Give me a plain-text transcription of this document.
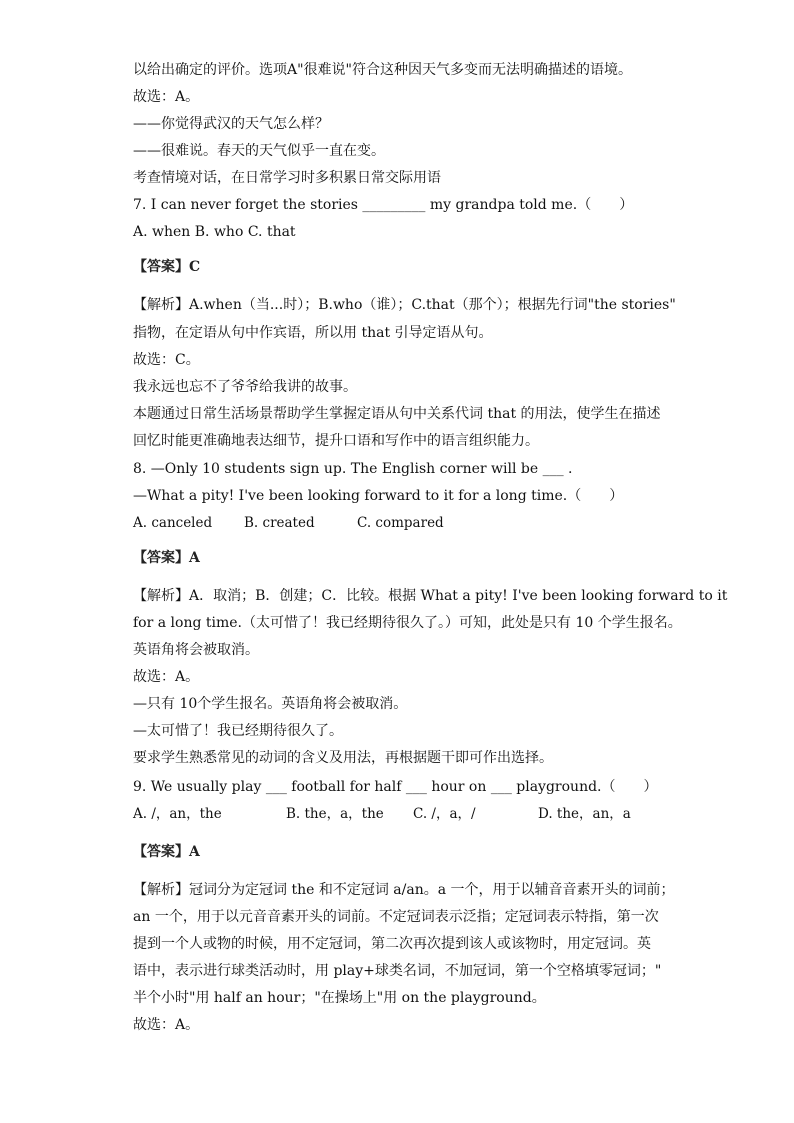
以给出确定的评价。选项A"很难说"符合这种因天气多变而无法明确描述的语境。
故选：A。
——你觉得武汉的天气怎么样？
——很难说。春天的天气似乎一直在变。
考查情境对话，在日常学习时多积累日常交际用语
7. I can never forget the stories _________ my grandpa told me.（　　）
A. when B. who C. that
【答案】C
【解析】A.when（当...时）；B.who（谁）；C.that（那个）；根据先行词"the stories"
指物，在定语从句中作宾语，所以用 that 引导定语从句。
故选：C。
我永远也忘不了爷爷给我讲的故事。
本题通过日常生活场景帮助学生掌握定语从句中关系代词 that 的用法，使学生在描述
回忆时能更准确地表达细节，提升口语和写作中的语言组织能力。
8. —Only 10 students sign up. The English corner will be ___ .
—What a pity! I've been looking forward to it for a long time.（　　）
A. canceled B. created	C. compared
【答案】A
【解析】A．取消；B．创建；C．比较。根据 What a pity! I've been looking forward to it
for a long time.（太可惜了！我已经期待很久了。）可知，此处是只有 10 个学生报名。
英语角将会被取消。
故选：A。
—只有 10个学生报名。英语角将会被取消。
—太可惜了！我已经期待很久了。
要求学生熟悉常见的动词的含义及用法，再根据题干即可作出选择。
9. We usually play ___ football for half ___ hour on ___ playground.（　　）
A. /，an，the	B. the，a，the C. /，a，/	D. the，an，a
【答案】A
【解析】冠词分为定冠词 the 和不定冠词 a/an。a 一个，用于以辅音音素开头的词前；
an 一个，用于以元音音素开头的词前。不定冠词表示泛指；定冠词表示特指，第一次
提到一个人或物的时候，用不定冠词，第二次再次提到该人或该物时，用定冠词。英
语中，表示进行球类活动时，用 play+球类名词，不加冠词，第一个空格填零冠词；"
半个小时"用 half an hour；"在操场上"用 on the playground。
故选：A。
